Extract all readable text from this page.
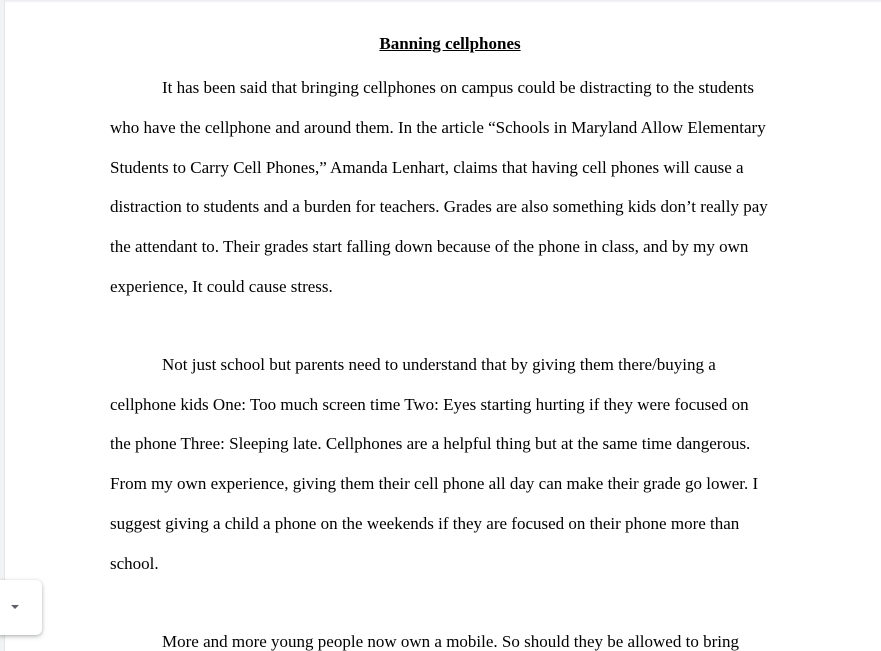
Banning cellphones

It has been said that bringing cellphones on campus could be distracting to the students
who have the cellphone and around them. In the article “Schools in Maryland Allow Elementary
Students to Carry Cell Phones,” Amanda Lenhart, claims that having cell phones will cause a
distraction to students and a burden for teachers. Grades are also something kids don’t really pay
the attendant to. Their grades start falling down because of the phone in class, and by my own
experience, It could cause stress.

Not just school but parents need to understand that by giving them there/buying a
cellphone kids One: Too much screen time Two: Eyes starting hurting if they were focused on
the phone Three: Sleeping late. Cellphones are a helpful thing but at the same time dangerous.
From my own experience, giving them their cell phone all day can make their grade go lower. I
suggest giving a child a phone on the weekends if they are focused on their phone more than
school.

More and more young people now own a mobile. So should they be allowed to bring
